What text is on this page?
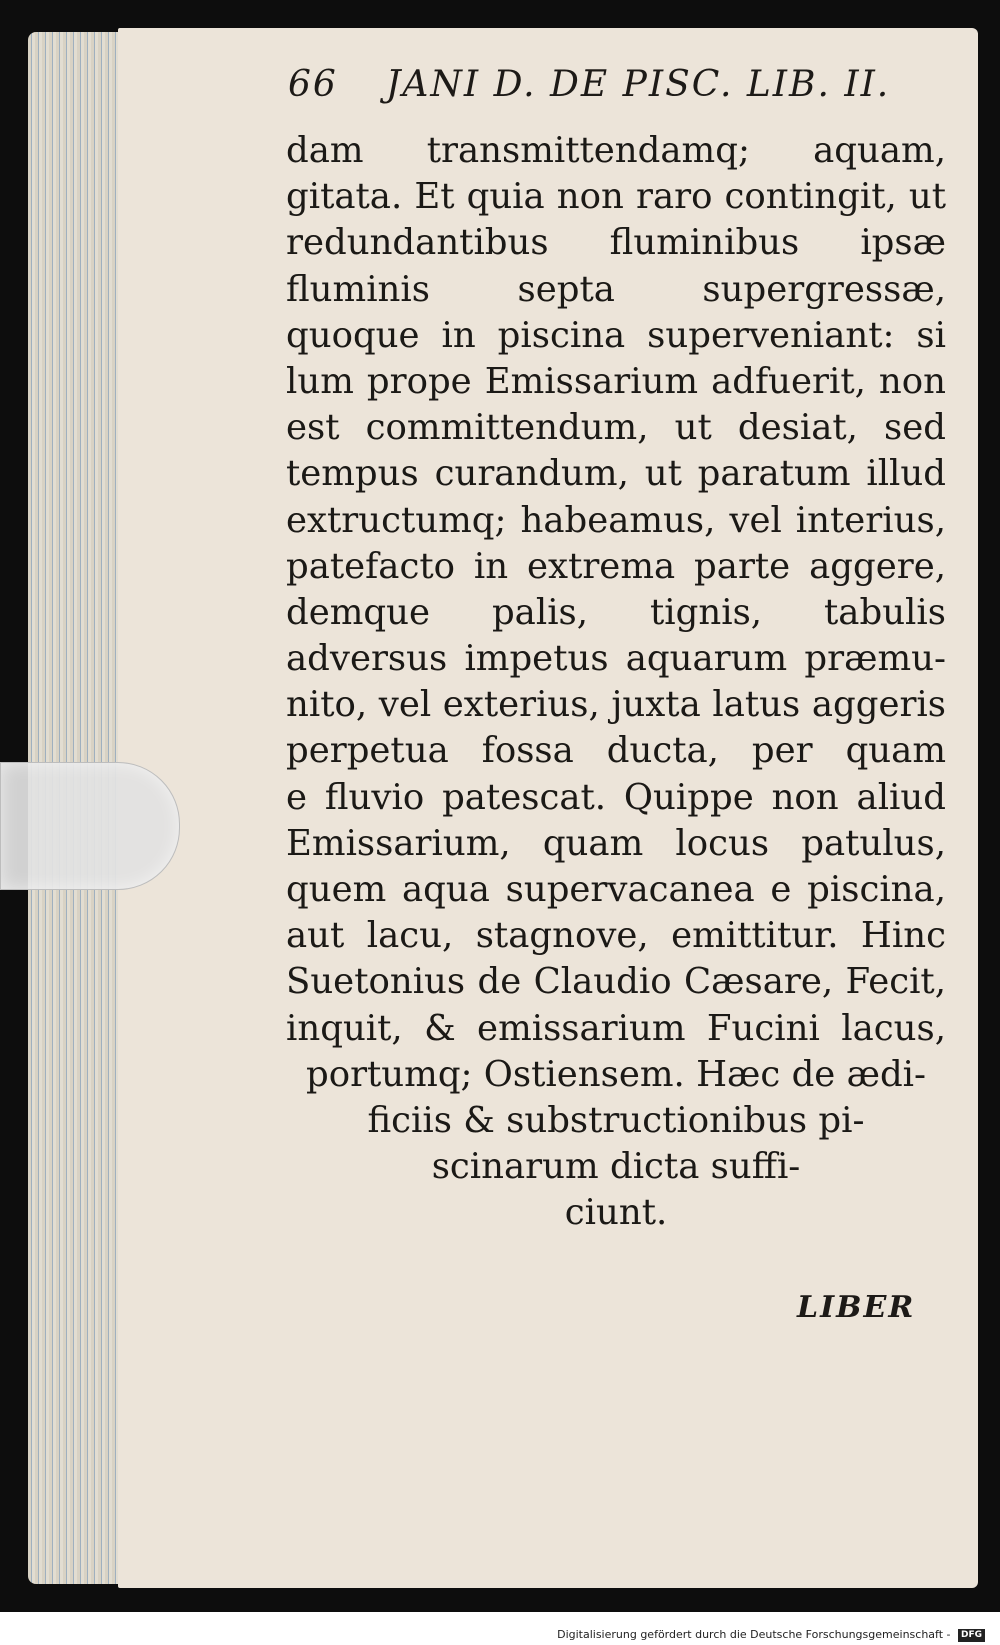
66 JANI D. DE PISC. LIB. II.
dam transmittendamq; aquam,
gitata. Et quia non raro contingit, ut
redundantibus fluminibus ipsæ
fluminis septa supergressæ,
quoque in piscina superveniant: si
lum prope Emissarium adfuerit, non
est committendum, ut desiat, sed
tempus curandum, ut paratum illud
extructumq; habeamus, vel interius,
patefacto in extrema parte aggere,
demque palis, tignis, tabulis
adversus impetus aquarum præmu-
nito, vel exterius, juxta latus aggeris
perpetua fossa ducta, per quam
e fluvio patescat. Quippe non aliud
Emissarium, quam locus patulus,
quem aqua supervacanea e piscina,
aut lacu, stagnove, emittitur. Hinc
Suetonius de Claudio Cæsare, Fecit,
inquit, & emissarium Fucini lacus,
portumq; Ostiensem. Hæc de ædi-
ficiis & substructionibus pi-
scinarum dicta suffi-
ciunt.
LIBER
Digitalisierung gefördert durch die Deutsche Forschungsgemeinschaft - DFG
